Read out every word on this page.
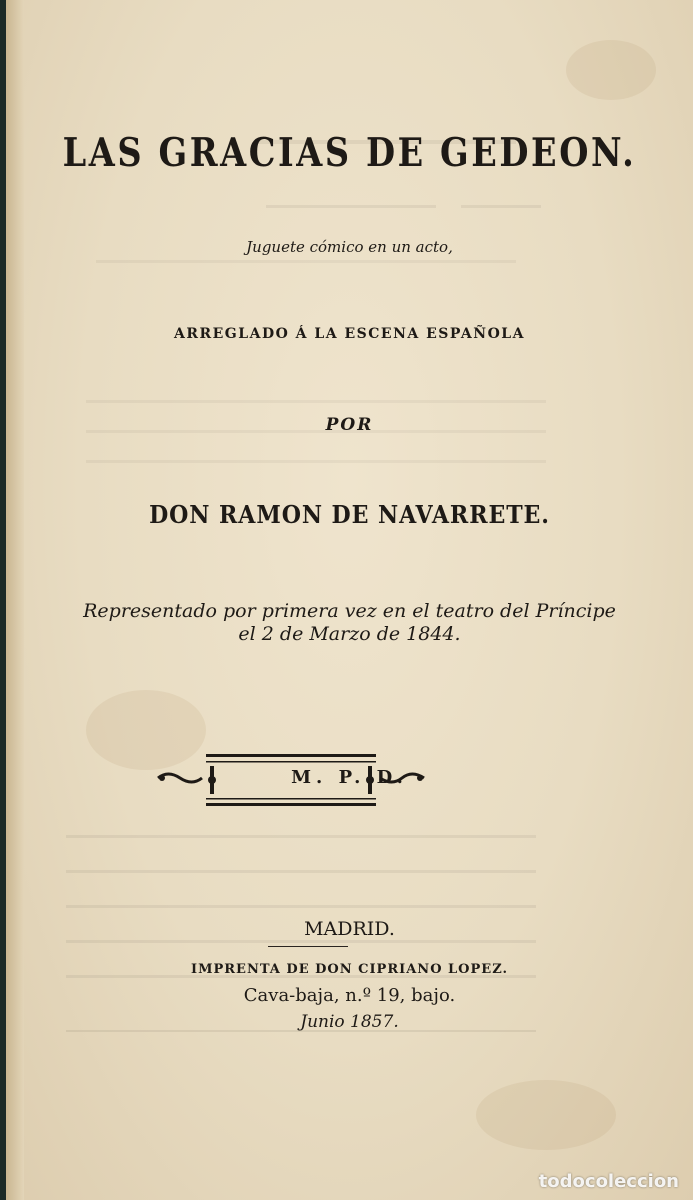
LAS GRACIAS DE GEDEON.
Juguete cómico en un acto,
ARREGLADO Á LA ESCENA ESPAÑOLA
POR
DON RAMON DE NAVARRETE.
Representado por primera vez en el teatro del Príncipe
el 2 de Marzo de 1844.
M. P. D.
MADRID.
IMPRENTA DE DON CIPRIANO LOPEZ.
Cava-baja, n.º 19, bajo.
Junio 1857.
todocoleccion
